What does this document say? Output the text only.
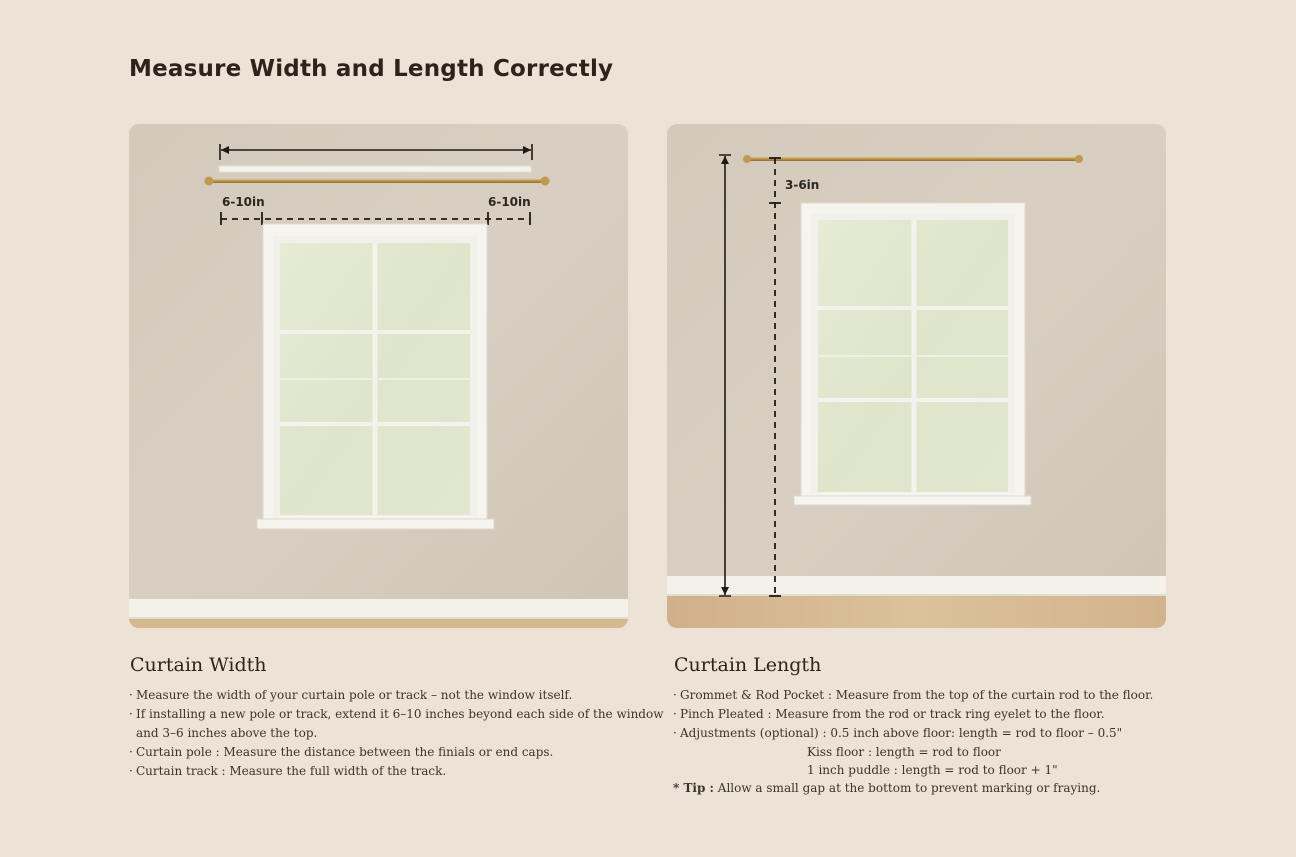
Measure Width and Length Correctly
6-10in	6-10in
3-6in
Curtain Width
· Measure the width of your curtain pole or track – not the window itself.
· If installing a new pole or track, extend it 6–10 inches beyond each side of the window
and 3–6 inches above the top.
· Curtain pole : Measure the distance between the finials or end caps.
· Curtain track : Measure the full width of the track.
Curtain Length
· Grommet & Rod Pocket : Measure from the top of the curtain rod to the floor.
· Pinch Pleated : Measure from the rod or track ring eyelet to the floor.
· Adjustments (optional) : 0.5 inch above floor: length = rod to floor – 0.5"
Kiss floor : length = rod to floor
1 inch puddle : length = rod to floor + 1"
* Tip : Allow a small gap at the bottom to prevent marking or fraying.
